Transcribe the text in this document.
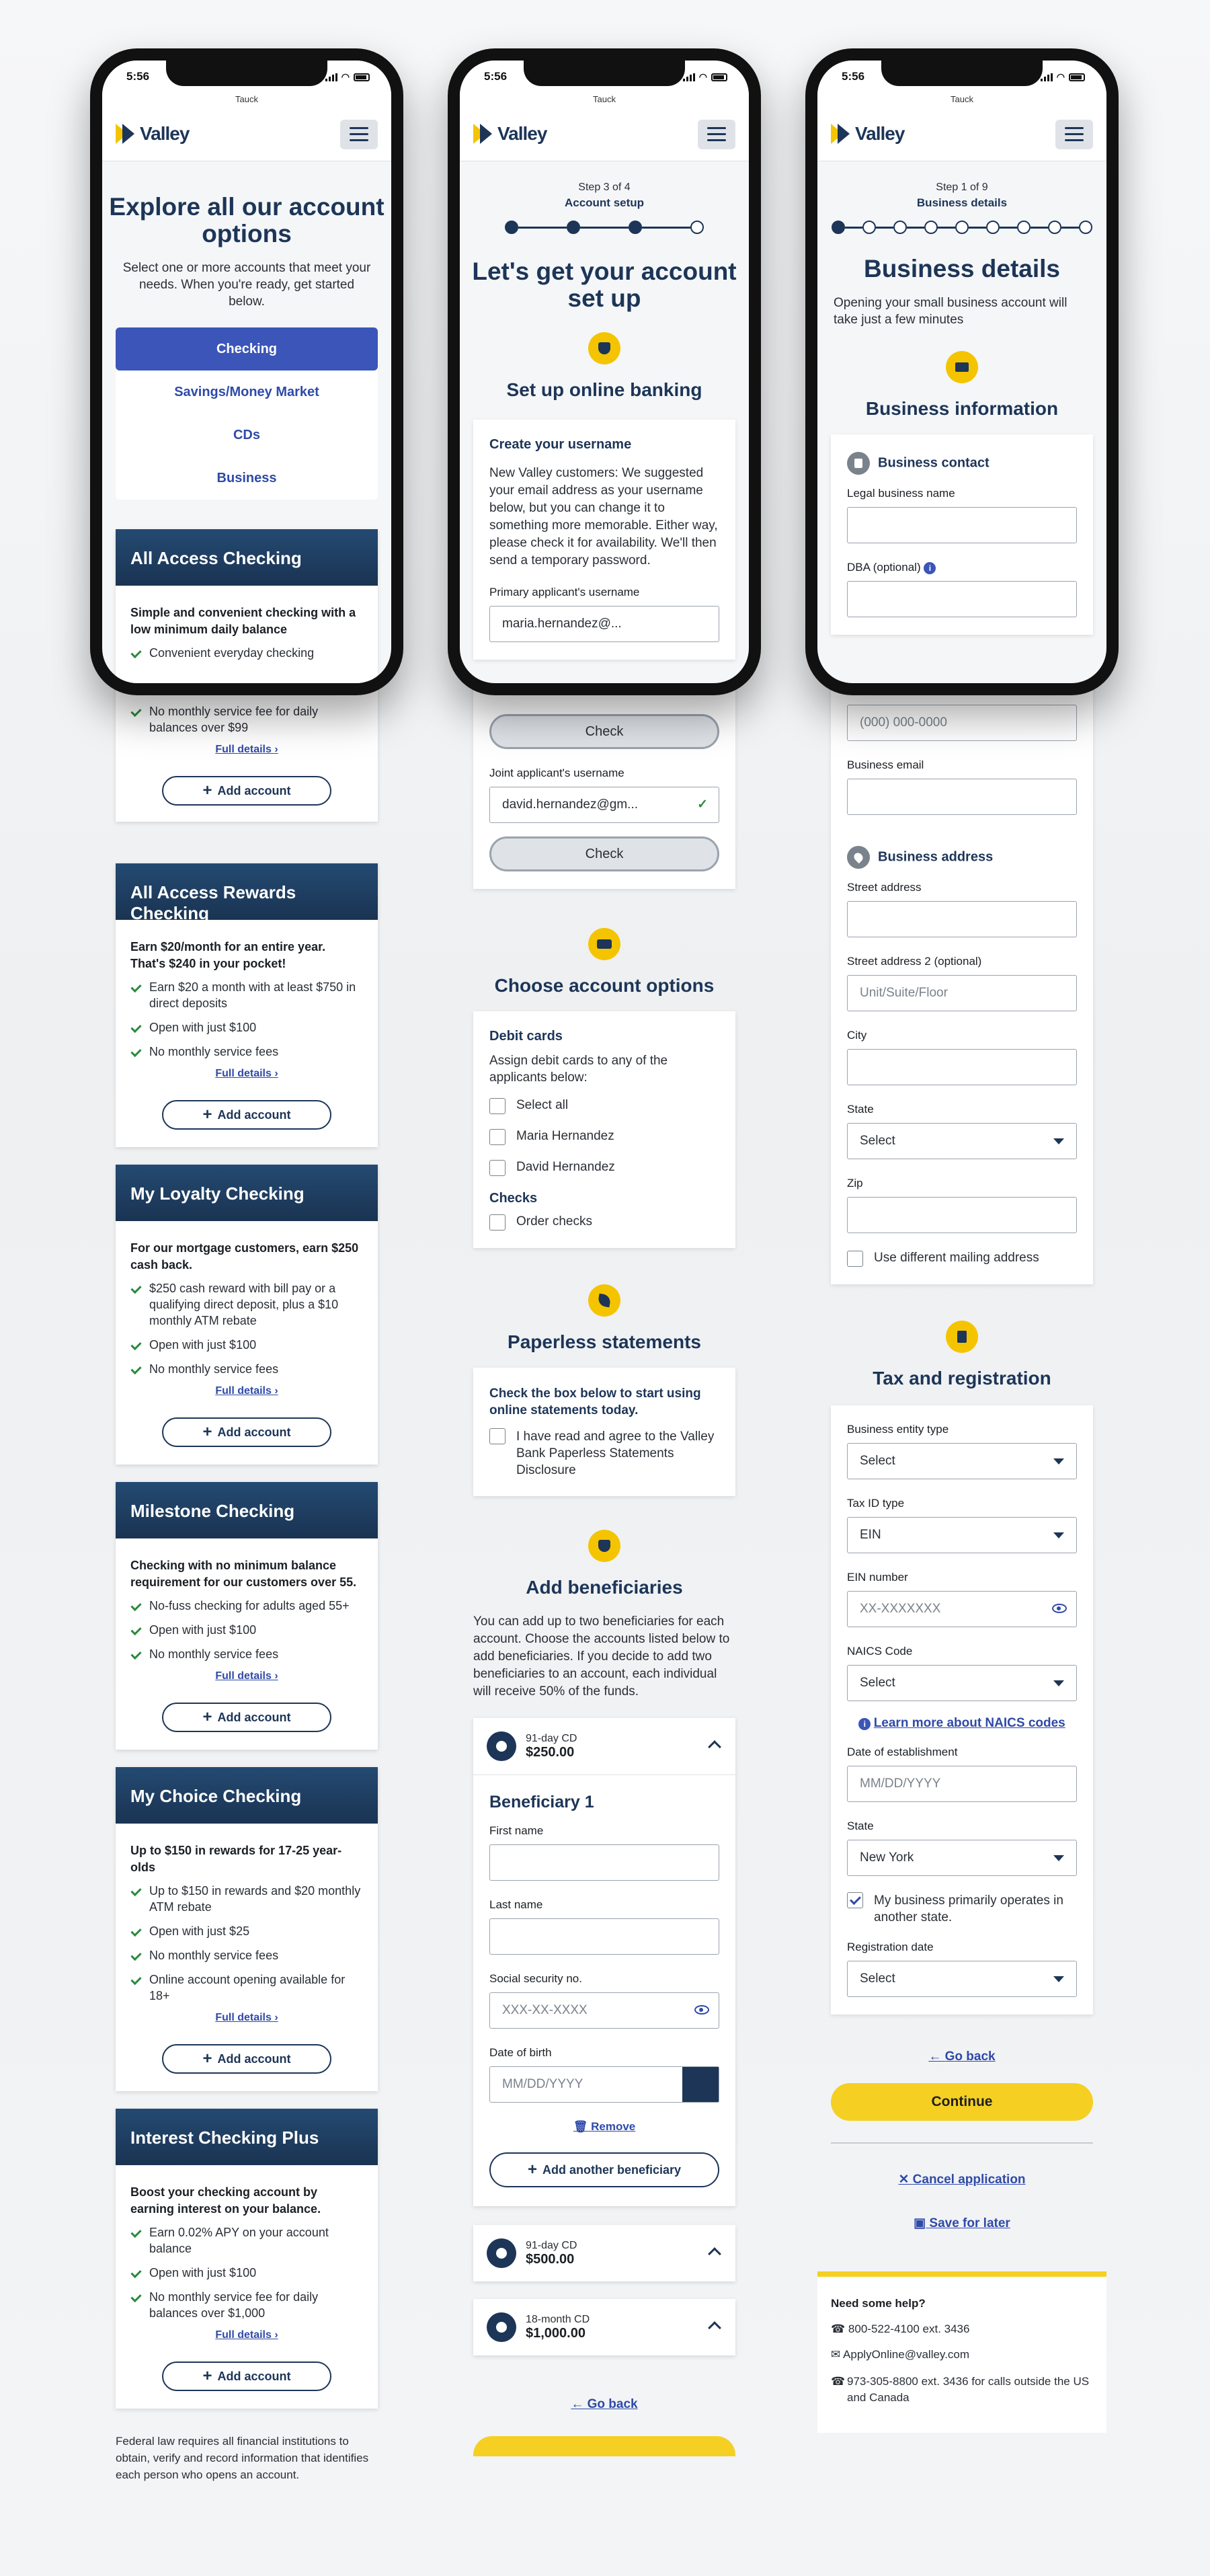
No monthly service fee for daily balances over $99
Full details ›
+ Add account
All Access Rewards Checking
Earn $20/month for an entire year. That's $240 in your pocket!
Earn $20 a month with at least $750 in direct deposits
Open with just $100
No monthly service fees
Full details ›
+ Add account
My Loyalty Checking
For our mortgage customers, earn $250 cash back.
$250 cash reward with bill pay or a qualifying direct deposit, plus a $10 monthly ATM rebate
Open with just $100
No monthly service fees
Full details ›
+ Add account
Milestone Checking
Checking with no minimum balance requirement for our customers over 55.
No-fuss checking for adults aged 55+
Open with just $100
No monthly service fees
Full details ›
+ Add account
My Choice Checking
Up to $150 in rewards for 17-25 year-olds
Up to $150 in rewards and $20 monthly ATM rebate
Open with just $25
No monthly service fees
Online account opening available for 18+
Full details ›
+ Add account
Interest Checking Plus
Boost your checking account by earning interest on your balance.
Earn 0.02% APY on your account balance
Open with just $100
No monthly service fee for daily balances over $1,000
Full details ›
+ Add account
Federal law requires all financial institutions to obtain, verify and record information that identifies each person who opens an account.
5:56	◠
Tauck
Valley
Explore all our account options
Select one or more accounts that meet your needs. When you're ready, get started below.
Checking
Savings/Money Market
CDs
Business
All Access Checking
Simple and convenient checking with a low minimum daily balance
Convenient everyday checking
Check
Joint applicant's username
david.hernandez@gm...	✓
Check
Choose account options
Debit cards
Assign debit cards to any of the applicants below:
Select all
Maria Hernandez
David Hernandez
Checks
Order checks
Paperless statements
Check the box below to start using online statements today.
I have read and agree to the Valley Bank Paperless Statements Disclosure
Add beneficiaries
You can add up to two beneficiaries for each account. Choose the accounts listed below to add beneficiaries. If you decide to add two beneficiaries to an account, each individual will receive 50% of the funds.
91-day CD
$250.00
Beneficiary 1
First name
Last name
Social security no.
XXX-XX-XXXX
Date of birth
MM/DD/YYYY
🗑 Remove
+ Add another beneficiary
91-day CD
$500.00
18-month CD
$1,000.00
← Go back
5:56	◠
Tauck
Valley
Step 3 of 4
Account setup
Let's get your account set up
Set up online banking
Create your username
New Valley customers: We suggested your email address as your username below, but you can change it to something more memorable. Either way, please check it for availability. We'll then send a temporary password.
Primary applicant's username
maria.hernandez@...
(000) 000-0000
Business email
Business address
Street address
Street address 2 (optional)
Unit/Suite/Floor
City
State
Select
Zip
Use different mailing address
Tax and registration
Business entity type
Select
Tax ID type
EIN
EIN number
XX-XXXXXXX
NAICS Code
Select
i Learn more about NAICS codes
Date of establishment
MM/DD/YYYY
State
New York
My business primarily operates in another state.
Registration date
Select
← Go back
Continue
✕ Cancel application
▣ Save for later
Need some help?
☎ 800-522-4100 ext. 3436
✉ ApplyOnline@valley.com
☎ 973-305-8800 ext. 3436 for calls outside the US and Canada
5:56	◠
Tauck
Valley
Step 1 of 9
Business details
Business details
Opening your small business account will take just a few minutes
Business information
Business contact
Legal business name
DBA (optional) i
